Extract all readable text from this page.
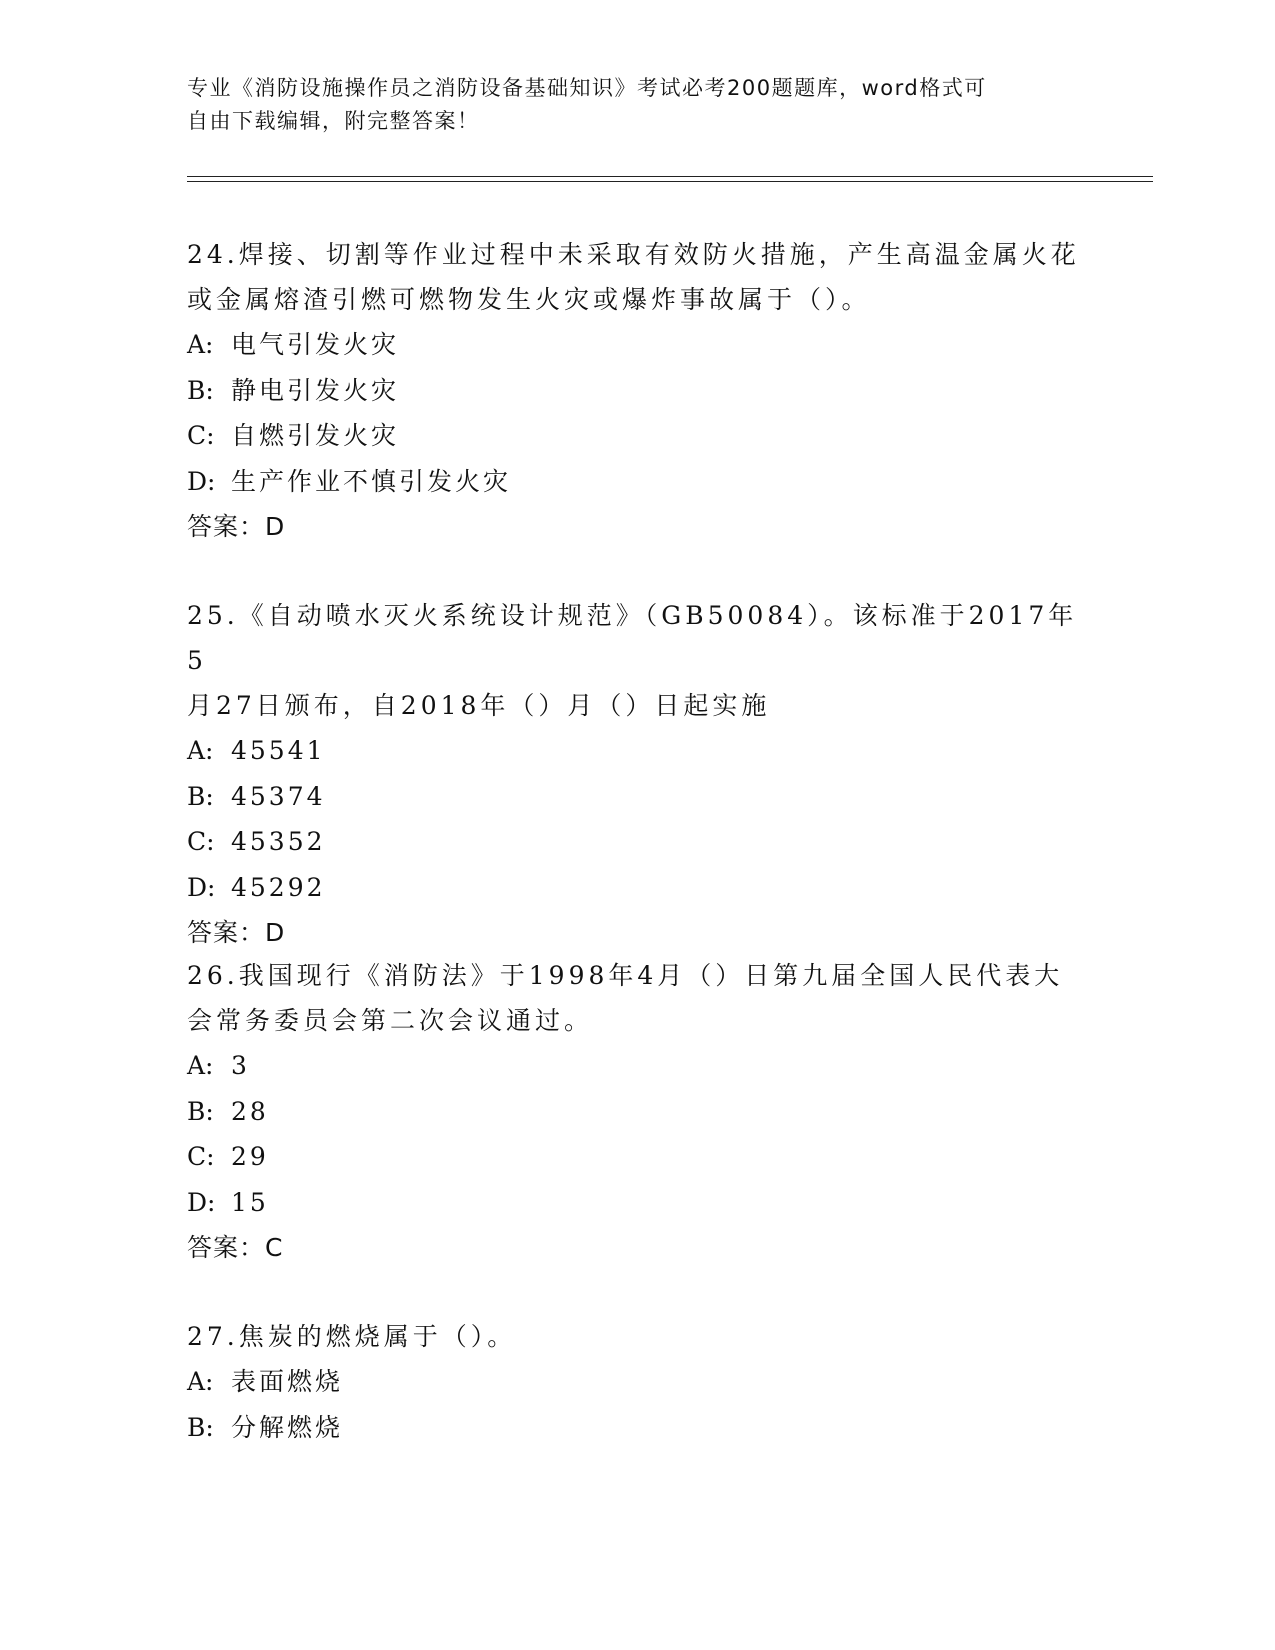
专业《消防设施操作员之消防设备基础知识》考试必考200题题库，word格式可
自由下载编辑，附完整答案！

24.焊接、切割等作业过程中未采取有效防火措施，产生高温金属火花

或金属熔渣引燃可燃物发生火灾或爆炸事故属于（）。

A: 电气引发火灾

B: 静电引发火灾

C: 自燃引发火灾

D: 生产作业不慎引发火灾

答案：D

25.《自动喷水灭火系统设计规范》（GB50084）。该标准于2017年5

月27日颁布，自2018年（）月（）日起实施

A: 45541

B: 45374

C: 45352

D: 45292

答案：D

26.我国现行《消防法》于1998年4月（）日第九届全国人民代表大

会常务委员会第二次会议通过。

A: 3

B: 28

C: 29

D: 15

答案：C

27.焦炭的燃烧属于（）。

A: 表面燃烧

B: 分解燃烧
